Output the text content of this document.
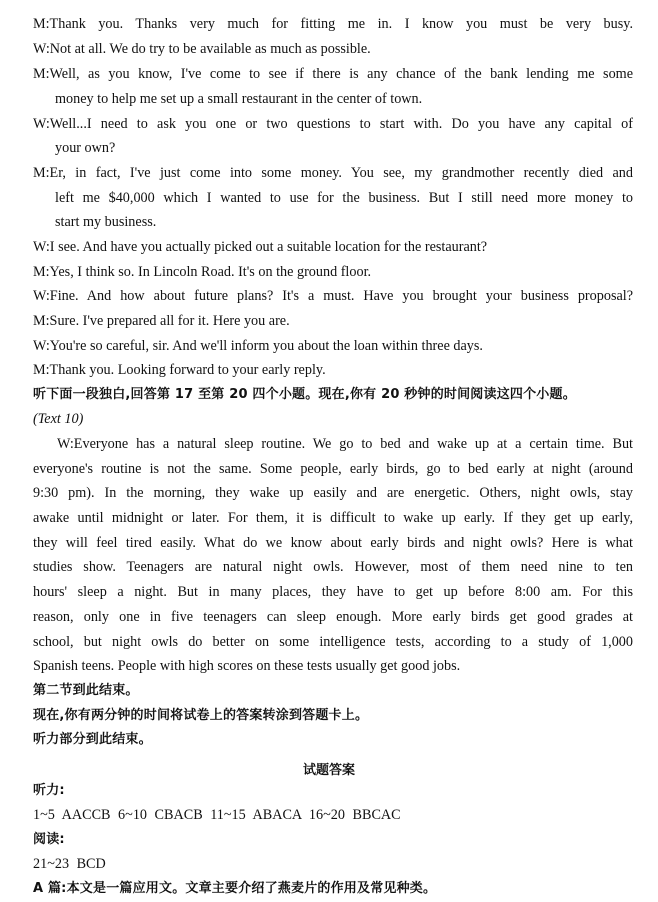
M:Thank you. Thanks very much for fitting me in. I know you must be very busy.
W:Not at all. We do try to be available as much as possible.
M:Well, as you know, I've come to see if there is any chance of the bank lending me some
money to help me set up a small restaurant in the center of town.
W:Well...I need to ask you one or two questions to start with. Do you have any capital of
your own?
M:Er, in fact, I've just come into some money. You see, my grandmother recently died and
left me $40,000 which I wanted to use for the business. But I still need more money to
start my business.
W:I see. And have you actually picked out a suitable location for the restaurant?
M:Yes, I think so. In Lincoln Road. It's on the ground floor.
W:Fine. And how about future plans? It's a must. Have you brought your business proposal?
M:Sure. I've prepared all for it. Here you are.
W:You're so careful, sir. And we'll inform you about the loan within three days.
M:Thank you. Looking forward to your early reply.
听下面一段独白,回答第 17 至第 20 四个小题。现在,你有 20 秒钟的时间阅读这四个小题。
(Text 10)
W:Everyone has a natural sleep routine. We go to bed and wake up at a certain time. But
everyone's routine is not the same. Some people, early birds, go to bed early at night (around
9:30 pm). In the morning, they wake up easily and are energetic. Others, night owls, stay
awake until midnight or later. For them, it is difficult to wake up early. If they get up early,
they will feel tired easily. What do we know about early birds and night owls? Here is what
studies show. Teenagers are natural night owls. However, most of them need nine to ten
hours' sleep a night. But in many places, they have to get up before 8:00 am. For this
reason, only one in five teenagers can sleep enough. More early birds get good grades at
school, but night owls do better on some intelligence tests, according to a study of 1,000
Spanish teens. People with high scores on these tests usually get good jobs.
第二节到此结束。
现在,你有两分钟的时间将试卷上的答案转涂到答题卡上。
听力部分到此结束。
试题答案
听力:
1~5 AACCB 6~10 CBACB 11~15 ABACA 16~20 BBCAC
阅读:
21~23 BCD
A 篇:本文是一篇应用文。文章主要介绍了燕麦片的作用及常见种类。
